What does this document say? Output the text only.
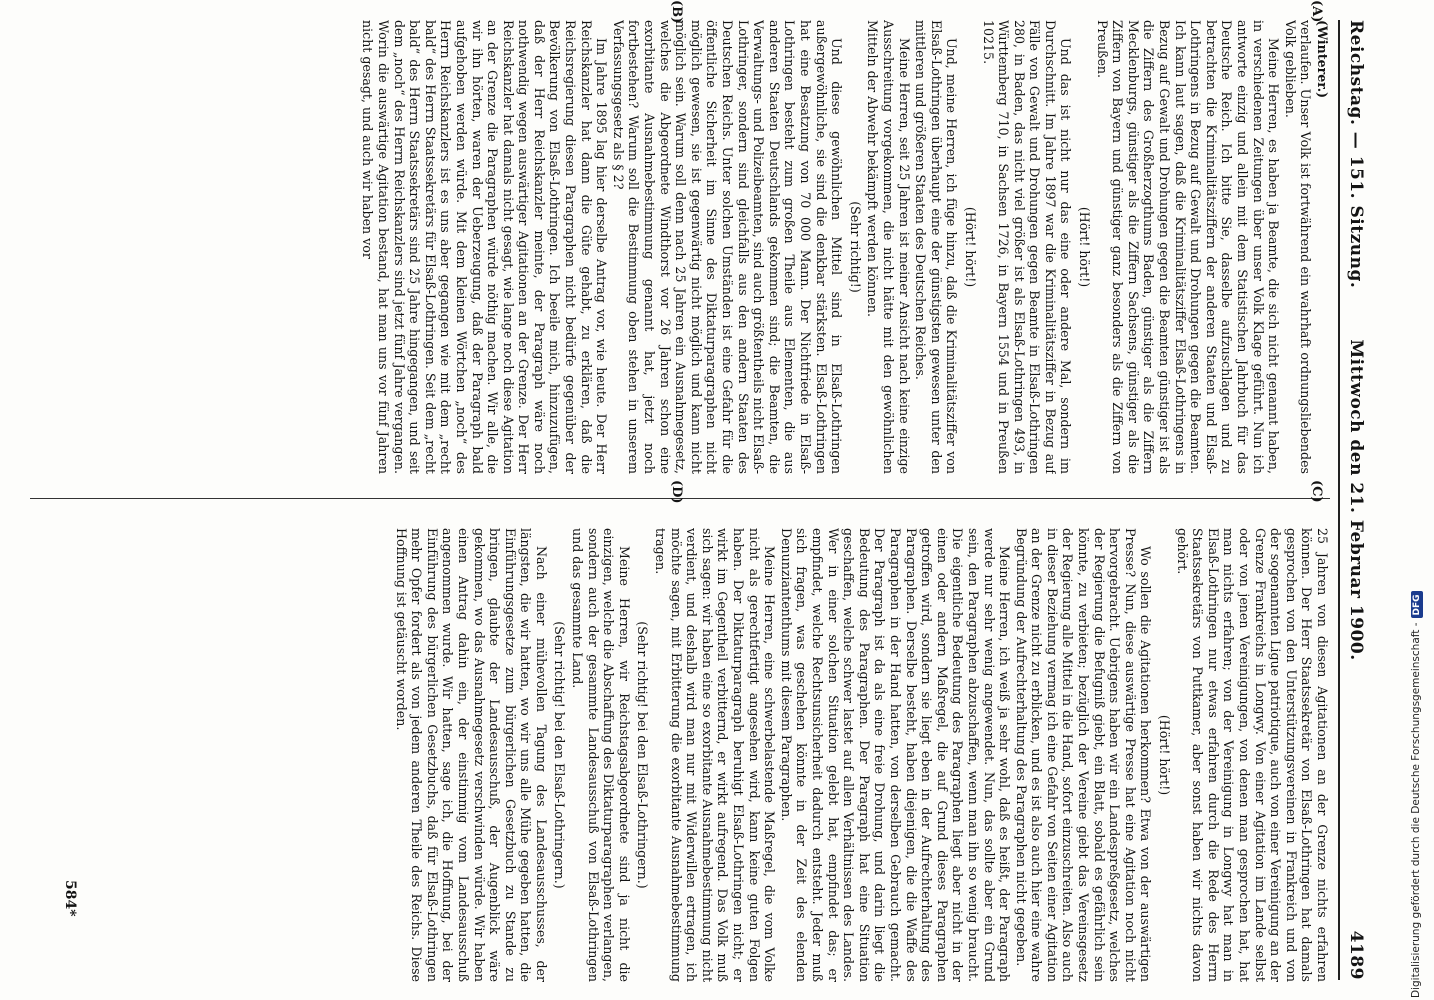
Reichstag. — 151. Sitzung.
Mittwoch den 21. Februar 1900.
4189

(Winterer.)

verlaufen. Unser Volk ist fortwährend ein wahrhaft ordnungsliebendes Volk geblieben.

Meine Herren, es haben ja Beamte, die sich nicht genannt haben, in verschiedenen Zeitungen über unser Volk Klage geführt. Nun ich antworte einzig und allein mit dem Statistischen Jahrbuch für das Deutsche Reich. Ich bitte Sie, dasselbe aufzuschlagen und zu betrachten die Kriminalitätsziffern der anderen Staaten und Elsaß-Lothringens in Bezug auf Gewalt und Drohungen gegen die Beamten. Ich kann laut sagen, daß die Kriminalitätsziffer Elsaß-Lothringens in Bezug auf Gewalt und Drohungen gegen die Beamten günstiger ist als die Ziffern des Großherzogthums Baden, günstiger als die Ziffern Mecklenburgs, günstiger als die Ziffern Sachsens, günstiger als die Ziffern von Bayern und günstiger ganz besonders als die Ziffern von Preußen.

(Hört! hört!)

Und das ist nicht nur das eine oder andere Mal, sondern im Durchschnitt. Im Jahre 1897 war die Kriminalitätsziffer in Bezug auf Fälle von Gewalt und Drohungen gegen Beamte in Elsaß-Lothringen 280, in Baden, das nicht viel größer ist als Elsaß-Lothringen 493, in Württemberg 710, in Sachsen 1726, in Bayern 1554 und in Preußen 10215.

(Hört! hört!)

Und, meine Herren, ich füge hinzu, daß die Kriminalitätsziffer von Elsaß-Lothringen überhaupt eine der günstigsten gewesen unter den mittleren und größeren Staaten des Deutschen Reiches.

Meine Herren, seit 25 Jahren ist meiner Ansicht nach keine einzige Ausschreitung vorgekommen, die nicht hätte mit den gewöhnlichen Mitteln der Abwehr bekämpft werden können.

(Sehr richtig!)

Und diese gewöhnlichen Mittel sind in Elsaß-Lothringen außergewöhnliche, sie sind die denkbar stärksten. Elsaß-Lothringen hat eine Besatzung von 70 000 Mann. Der Nichtfriede in Elsaß-Lothringen besteht zum großen Theile aus Elementen, die aus anderen Staaten Deutschlands gekommen sind; die Beamten, die Verwaltungs- und Polizeibeamten, sind auch größtentheils nicht Elsaß-Lothringer, sondern sind gleichfalls aus den andern Staaten des Deutschen Reichs. Unter solchen Umständen ist eine Gefahr für die öffentliche Sicherheit im Sinne des Diktaturparagraphen nicht möglich gewesen, sie ist gegenwärtig nicht möglich und kann nicht möglich sein. Warum soll denn nach 25 Jahren ein Ausnahmegesetz, welches die Abgeordnete Windthorst vor 26 Jahren schon eine exorbitante Ausnahmebestimmung genannt hat, jetzt noch fortbestehen? Warum soll die Bestimmung oben stehen in unserem Verfassungsgesetz als § 2?

Im Jahre 1895 lag hier derselbe Antrag vor, wie heute. Der Herr Reichskanzler hat dann die Güte gehabt, zu erklären, daß die Reichsregierung diesen Paragraphen nicht bedürfe gegenüber der Bevölkerung von Elsaß-Lothringen. Ich beeile mich, hinzuzufügen, daß der Herr Reichskanzler meinte, der Paragraph wäre noch nothwendig wegen auswärtiger Agitationen an der Grenze. Der Herr Reichskanzler hat damals nicht gesagt, wie lange noch diese Agitation an der Grenze die Paragraphen würde nöthig machen. Wir alle, die wir ihn hörten, waren der Ueberzeugung, daß der Paragraph bald aufgehoben werden würde. Mit dem kleinen Wörtchen „noch“ des Herrn Reichskanzlers ist es uns aber gegangen wie mit dem „recht bald“ des Herrn Staatssekretärs für Elsaß-Lothringen. Seit dem „recht bald“ des Herrn Staatssekretärs sind 25 Jahre hingegangen, und seit dem „noch“ des Herrn Reichskanzlers sind jetzt fünf Jahre vergangen. Worin die auswärtige Agitation bestand, hat man uns vor fünf Jahren nicht gesagt, und auch wir haben vor

25 Jahren von diesen Agitationen an der Grenze nichts erfahren können. Der Herr Staatssekretär von Elsaß-Lothringen hat damals gesprochen von den Unterstützungsvereinen in Frankreich und von der sogenannten Ligue patriotique, auch von einer Vereinigung an der Grenze Frankreichs in Longwy. Von einer Agitation im Lande selbst oder von jenen Vereinigungen, von denen man gesprochen hat, hat man nichts erfahren; von der Vereinigung in Longwy hat man in Elsaß-Lothringen nur etwas erfahren durch die Rede des Herrn Staatssekretärs von Puttkamer, aber sonst haben wir nichts davon gehört.

(Hört! hört!)

Wo sollen die Agitationen herkommen? Etwa von der auswärtigen Presse? Nun, diese auswärtige Presse hat eine Agitation noch nicht hervorgebracht. Uebrigens haben wir ein Landespreßgesetz, welches der Regierung die Befugniß giebt, ein Blatt, sobald es gefährlich sein könnte, zu verbieten; bezüglich der Vereine giebt das Vereinsgesetz der Regierung alle Mittel in die Hand, sofort einzuschreiten. Also auch in dieser Beziehung vermag ich eine Gefahr von Seiten einer Agitation an der Grenze nicht zu erblicken, und es ist also auch hier eine wahre Begründung der Aufrechterhaltung des Paragraphen nicht gegeben.

Meine Herren, ich weiß ja sehr wohl, daß es heißt, der Paragraph werde nur sehr wenig angewendet. Nun, das sollte aber ein Grund sein, den Paragraphen abzuschaffen, wenn man ihn so wenig braucht. Die eigentliche Bedeutung des Paragraphen liegt aber nicht in der einen oder andern Maßregel, die auf Grund dieses Paragraphen getroffen wird, sondern sie liegt eben in der Aufrechterhaltung des Paragraphen. Derselbe besteht, haben diejenigen, die die Waffe des Paragraphen in der Hand hatten, von derselben Gebrauch gemacht. Der Paragraph ist da als eine freie Drohung, und darin liegt die Bedeutung des Paragraphen. Der Paragraph hat eine Situation geschaffen, welche schwer lastet auf allen Verhältnissen des Landes. Wer in einer solchen Situation gelebt hat, empfindet das; er empfindet, welche Rechtsunsicherheit dadurch entsteht. Jeder muß sich fragen, was geschehen könnte in der Zeit des elenden Denunziantenthums mit diesem Paragraphen.

Meine Herren, eine schwerbelastende Maßregel, die vom Volke nicht als gerechtfertigt angesehen wird, kann keine guten Folgen haben. Der Diktaturparagraph beruhigt Elsaß-Lothringen nicht; er wirkt im Gegentheil verbitternd, er wirkt aufregend. Das Volk muß sich sagen: wir haben eine so exorbitante Ausnahmebestimmung nicht verdient, und deshalb wird man nur mit Widerwillen ertragen, ich möchte sagen, mit Erbitterung die exorbitante Ausnahmebestimmung tragen.

(Sehr richtig! bei den Elsaß-Lothringern.)

Meine Herren, wir Reichstagsabgeordnete sind ja nicht die einzigen, welche die Abschaffung des Diktaturparagraphen verlangen, sondern auch der gesammte Landesausschuß von Elsaß-Lothringen und das gesammte Land.

(Sehr richtig! bei den Elsaß-Lothringern.)

Nach einer mühevollen Tagung des Landesausschusses, der längsten, die wir hatten, wo wir uns alle Mühe gegeben hatten, die Einführungsgesetze zum bürgerlichen Gesetzbuch zu Stande zu bringen, glaubte der Landesausschuß, der Augenblick wäre gekommen, wo das Ausnahmegesetz verschwinden würde. Wir haben einen Antrag dahin ein, der einstimmig vom Landesausschuß angenommen wurde. Wir hatten, sage ich, die Hoffnung, bei der Einführung des bürgerlichen Gesetzbuchs, daß für Elsaß-Lothringen mehr Opfer fordert als von jedem anderen Theile des Reichs. Diese Hoffnung ist getäuscht worden.

(A)
(B)
(C)
(D)
584*	Digitalisierung gefördert durch die Deutsche Forschungsgemeinschaft -DFG
